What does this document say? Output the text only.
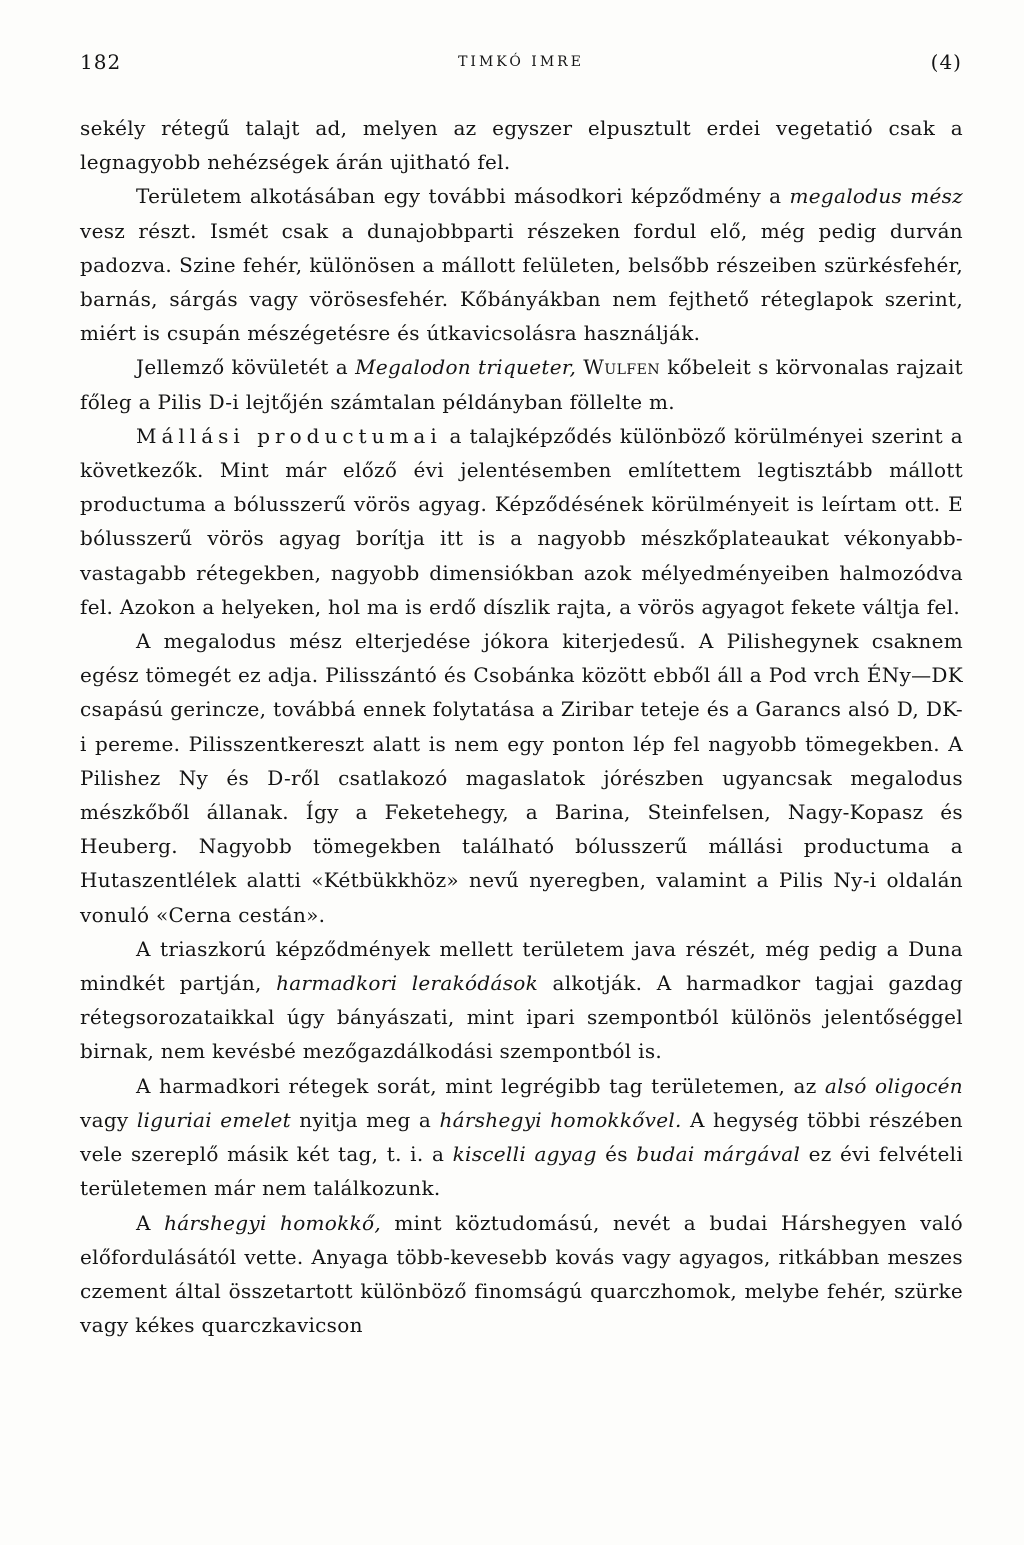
182	TIMKÓ IMRE	(4)

sekély rétegű talajt ad, melyen az egyszer elpusztult erdei vegetatió csak a legnagyobb nehézségek árán ujitható fel.

Területem alkotásában egy további másodkori képződmény a megalodus mész vesz részt. Ismét csak a dunajobbparti részeken fordul elő, még pedig durván padozva. Szine fehér, különösen a mállott felületen, belsőbb részeiben szürkésfehér, barnás, sárgás vagy vörösesfehér. Kőbányákban nem fejthető réteglapok szerint, miért is csupán mészégetésre és útkavicsolásra használják.

Jellemző kövületét a Megalodon triqueter, Wulfen kőbeleit s körvonalas rajzait főleg a Pilis D-i lejtőjén számtalan példányban föllelte m.

Mállási productumai a talajképződés különböző körülményei szerint a következők. Mint már előző évi jelentésemben említettem legtisztább mállott productuma a bólusszerű vörös agyag. Képződésének körülményeit is leírtam ott. E bólusszerű vörös agyag borítja itt is a nagyobb mészkőplateaukat vékonyabb-vastagabb rétegekben, nagyobb dimensiókban azok mélyedményeiben halmozódva fel. Azokon a helyeken, hol ma is erdő díszlik rajta, a vörös agyagot fekete váltja fel.

A megalodus mész elterjedése jókora kiterjedesű. A Pilishegynek csaknem egész tömegét ez adja. Pilisszántó és Csobánka között ebből áll a Pod vrch ÉNy—DK csapású gerincze, továbbá ennek folytatása a Ziribar teteje és a Garancs alsó D, DK-i pereme. Pilisszentkereszt alatt is nem egy ponton lép fel nagyobb tömegekben. A Pilishez Ny és D-ről csatlakozó magaslatok jórészben ugyancsak megalodus mészkőből állanak. Így a Feketehegy, a Barina, Steinfelsen, Nagy-Kopasz és Heuberg. Nagyobb tömegekben található bólusszerű mállási productuma a Hutaszentlélek alatti «Kétbükkhöz» nevű nyeregben, valamint a Pilis Ny-i oldalán vonuló «Cerna cestán».

A triaszkorú képződmények mellett területem java részét, még pedig a Duna mindkét partján, harmadkori lerakódások alkotják. A harmadkor tagjai gazdag rétegsorozataikkal úgy bányászati, mint ipari szempontból különös jelentőséggel birnak, nem kevésbé mezőgazdálkodási szempontból is.

A harmadkori rétegek sorát, mint legrégibb tag területemen, az alsó oligocén vagy liguriai emelet nyitja meg a hárshegyi homokkővel. A hegység többi részében vele szereplő másik két tag, t. i. a kiscelli agyag és budai márgával ez évi felvételi területemen már nem találkozunk.

A hárshegyi homokkő, mint köztudomású, nevét a budai Hárshegyen való előfordulásától vette. Anyaga több-kevesebb kovás vagy agyagos, ritkábban meszes czement által összetartott különböző finomságú quarczhomok, melybe fehér, szürke vagy kékes quarczkavicson
